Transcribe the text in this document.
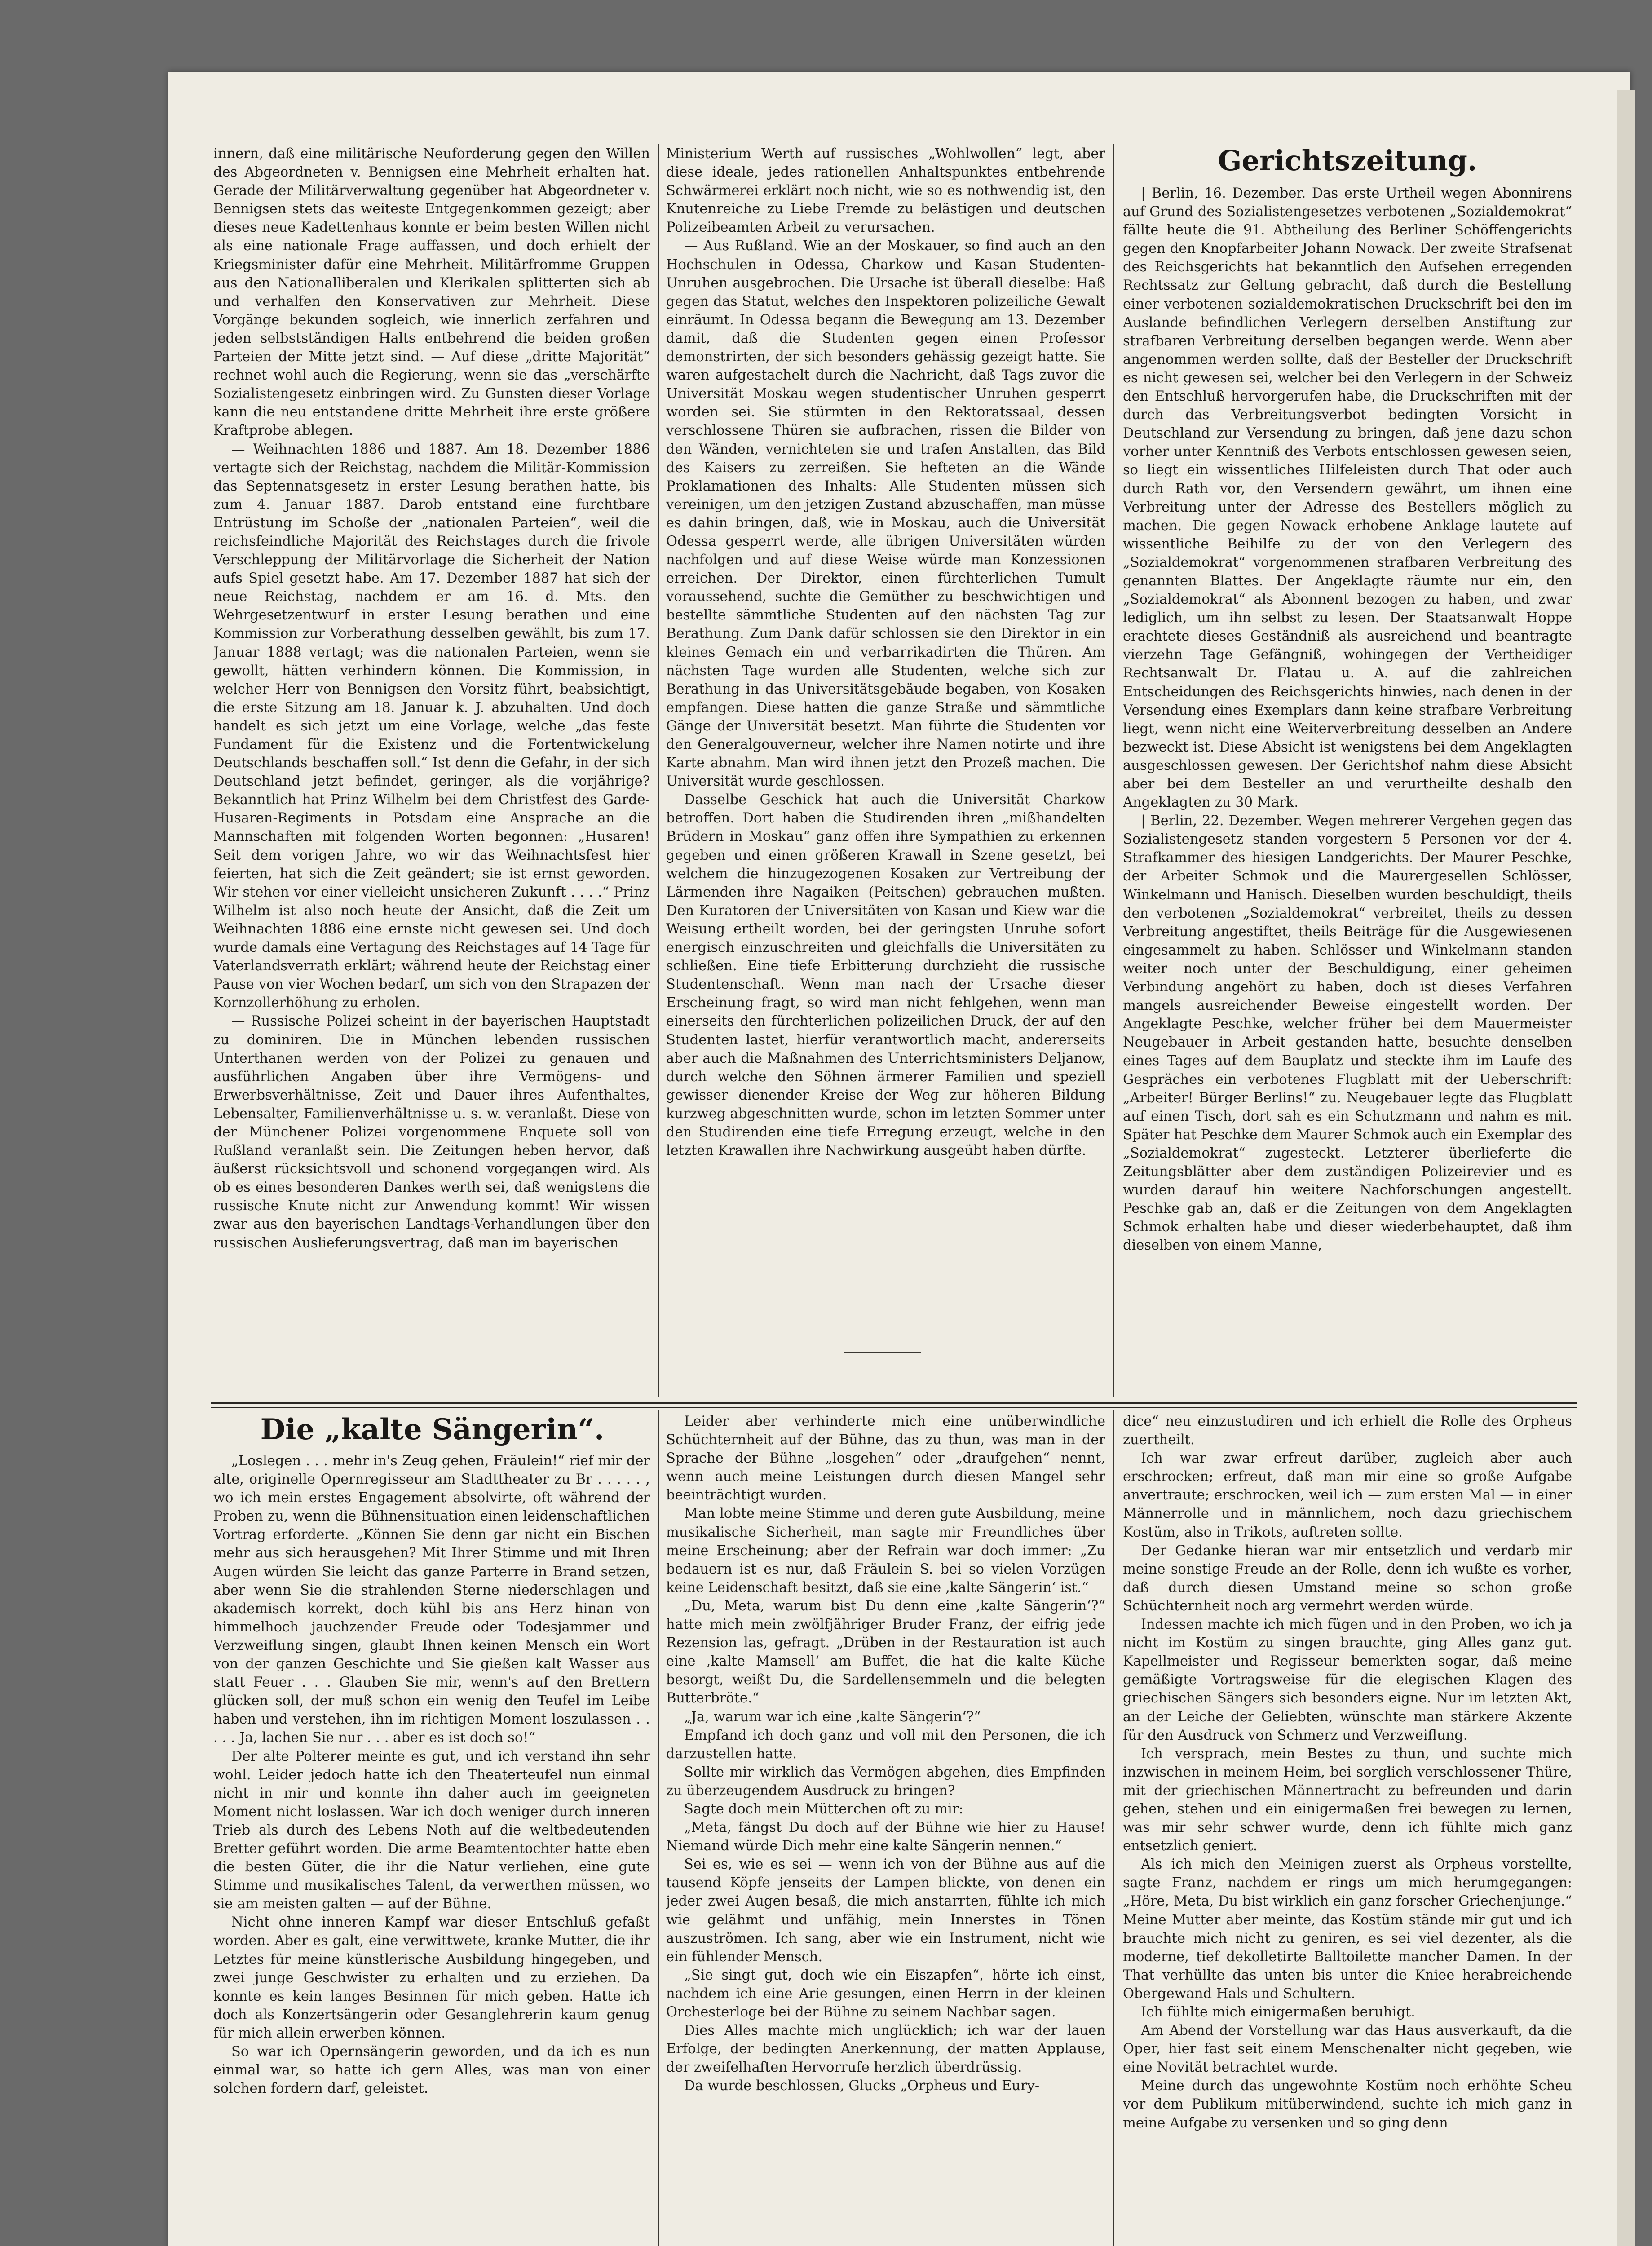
innern, daß eine militärische Neuforderung gegen den Willen des Abgeordneten v. Bennigsen eine Mehrheit erhalten hat. Gerade der Militärverwaltung gegenüber hat Abgeordneter v. Bennigsen stets das weiteste Entgegenkommen gezeigt; aber dieses neue Kadettenhaus konnte er beim besten Willen nicht als eine nationale Frage auffassen, und doch erhielt der Kriegsminister dafür eine Mehrheit. Militärfromme Gruppen aus den Nationalliberalen und Klerikalen splitterten sich ab und verhalfen den Konservativen zur Mehrheit. Diese Vorgänge bekunden sogleich, wie innerlich zerfahren und jeden selbstständigen Halts entbehrend die beiden großen Parteien der Mitte jetzt sind. — Auf diese „dritte Majorität“ rechnet wohl auch die Regierung, wenn sie das „verschärfte Sozialistengesetz einbringen wird. Zu Gunsten dieser Vorlage kann die neu entstandene dritte Mehrheit ihre erste größere Kraftprobe ablegen.

— Weihnachten 1886 und 1887. Am 18. Dezember 1886 vertagte sich der Reichstag, nachdem die Militär-Kommission das Septennatsgesetz in erster Lesung berathen hatte, bis zum 4. Januar 1887. Darob entstand eine furchtbare Entrüstung im Schoße der „nationalen Parteien“, weil die reichsfeindliche Majorität des Reichstages durch die frivole Verschleppung der Militärvorlage die Sicherheit der Nation aufs Spiel gesetzt habe. Am 17. Dezember 1887 hat sich der neue Reichstag, nachdem er am 16. d. Mts. den Wehrgesetzentwurf in erster Lesung berathen und eine Kommission zur Vorberathung desselben gewählt, bis zum 17. Januar 1888 vertagt; was die nationalen Parteien, wenn sie gewollt, hätten verhindern können. Die Kommission, in welcher Herr von Bennigsen den Vorsitz führt, beabsichtigt, die erste Sitzung am 18. Januar k. J. abzuhalten. Und doch handelt es sich jetzt um eine Vorlage, welche „das feste Fundament für die Existenz und die Fortentwickelung Deutschlands beschaffen soll.“ Ist denn die Gefahr, in der sich Deutschland jetzt befindet, geringer, als die vorjährige? Bekanntlich hat Prinz Wilhelm bei dem Christfest des Garde-Husaren-Regiments in Potsdam eine Ansprache an die Mannschaften mit folgenden Worten begonnen: „Husaren! Seit dem vorigen Jahre, wo wir das Weihnachtsfest hier feierten, hat sich die Zeit geändert; sie ist ernst geworden. Wir stehen vor einer vielleicht unsicheren Zukunft . . . .“ Prinz Wilhelm ist also noch heute der Ansicht, daß die Zeit um Weihnachten 1886 eine ernste nicht gewesen sei. Und doch wurde damals eine Vertagung des Reichstages auf 14 Tage für Vaterlandsverrath erklärt; während heute der Reichstag einer Pause von vier Wochen bedarf, um sich von den Strapazen der Kornzollerhöhung zu erholen.

— Russische Polizei scheint in der bayerischen Hauptstadt zu dominiren. Die in München lebenden russischen Unterthanen werden von der Polizei zu genauen und ausführlichen Angaben über ihre Vermögens- und Erwerbsverhältnisse, Zeit und Dauer ihres Aufenthaltes, Lebensalter, Familienverhältnisse u. s. w. veranlaßt. Diese von der Münchener Polizei vorgenommene Enquete soll von Rußland veranlaßt sein. Die Zeitungen heben hervor, daß äußerst rücksichtsvoll und schonend vorgegangen wird. Als ob es eines besonderen Dankes werth sei, daß wenigstens die russische Knute nicht zur Anwendung kommt! Wir wissen zwar aus den bayerischen Landtags-Verhandlungen über den russischen Auslieferungsvertrag, daß man im bayerischen

Ministerium Werth auf russisches „Wohlwollen“ legt, aber diese ideale, jedes rationellen Anhaltspunktes entbehrende Schwärmerei erklärt noch nicht, wie so es nothwendig ist, den Knutenreiche zu Liebe Fremde zu belästigen und deutschen Polizeibeamten Arbeit zu verursachen.

— Aus Rußland. Wie an der Moskauer, so find auch an den Hochschulen in Odessa, Charkow und Kasan Studenten-Unruhen ausgebrochen. Die Ursache ist überall dieselbe: Haß gegen das Statut, welches den Inspektoren polizeiliche Gewalt einräumt. In Odessa begann die Bewegung am 13. Dezember damit, daß die Studenten gegen einen Professor demonstrirten, der sich besonders gehässig gezeigt hatte. Sie waren aufgestachelt durch die Nachricht, daß Tags zuvor die Universität Moskau wegen studentischer Unruhen gesperrt worden sei. Sie stürmten in den Rektoratssaal, dessen verschlossene Thüren sie aufbrachen, rissen die Bilder von den Wänden, vernichteten sie und trafen Anstalten, das Bild des Kaisers zu zerreißen. Sie hefteten an die Wände Proklamationen des Inhalts: Alle Studenten müssen sich vereinigen, um den jetzigen Zustand abzuschaffen, man müsse es dahin bringen, daß, wie in Moskau, auch die Universität Odessa gesperrt werde, alle übrigen Universitäten würden nachfolgen und auf diese Weise würde man Konzessionen erreichen. Der Direktor, einen fürchterlichen Tumult voraussehend, suchte die Gemüther zu beschwichtigen und bestellte sämmtliche Studenten auf den nächsten Tag zur Berathung. Zum Dank dafür schlossen sie den Direktor in ein kleines Gemach ein und verbarrikadirten die Thüren. Am nächsten Tage wurden alle Studenten, welche sich zur Berathung in das Universitätsgebäude begaben, von Kosaken empfangen. Diese hatten die ganze Straße und sämmtliche Gänge der Universität besetzt. Man führte die Studenten vor den Generalgouverneur, welcher ihre Namen notirte und ihre Karte abnahm. Man wird ihnen jetzt den Prozeß machen. Die Universität wurde geschlossen.

Dasselbe Geschick hat auch die Universität Charkow betroffen. Dort haben die Studirenden ihren „mißhandelten Brüdern in Moskau“ ganz offen ihre Sympathien zu erkennen gegeben und einen größeren Krawall in Szene gesetzt, bei welchem die hinzugezogenen Kosaken zur Vertreibung der Lärmenden ihre Nagaiken (Peitschen) gebrauchen mußten. Den Kuratoren der Universitäten von Kasan und Kiew war die Weisung ertheilt worden, bei der geringsten Unruhe sofort energisch einzuschreiten und gleichfalls die Universitäten zu schließen. Eine tiefe Erbitterung durchzieht die russische Studentenschaft. Wenn man nach der Ursache dieser Erscheinung fragt, so wird man nicht fehlgehen, wenn man einerseits den fürchterlichen polizeilichen Druck, der auf den Studenten lastet, hierfür verantwortlich macht, andererseits aber auch die Maßnahmen des Unterrichtsministers Deljanow, durch welche den Söhnen ärmerer Familien und speziell gewisser dienender Kreise der Weg zur höheren Bildung kurzweg abgeschnitten wurde, schon im letzten Sommer unter den Studirenden eine tiefe Erregung erzeugt, welche in den letzten Krawallen ihre Nachwirkung ausgeübt haben dürfte.

Gerichtszeitung.

| Berlin, 16. Dezember. Das erste Urtheil wegen Abonnirens auf Grund des Sozialistengesetzes verbotenen „Sozialdemokrat“ fällte heute die 91. Abtheilung des Berliner Schöffengerichts gegen den Knopfarbeiter Johann Nowack. Der zweite Strafsenat des Reichsgerichts hat bekanntlich den Aufsehen erregenden Rechtssatz zur Geltung gebracht, daß durch die Bestellung einer verbotenen sozialdemokratischen Druckschrift bei den im Auslande befindlichen Verlegern derselben Anstiftung zur strafbaren Verbreitung derselben begangen werde. Wenn aber angenommen werden sollte, daß der Besteller der Druckschrift es nicht gewesen sei, welcher bei den Verlegern in der Schweiz den Entschluß hervorgerufen habe, die Druckschriften mit der durch das Verbreitungsverbot bedingten Vorsicht in Deutschland zur Versendung zu bringen, daß jene dazu schon vorher unter Kenntniß des Verbots entschlossen gewesen seien, so liegt ein wissentliches Hilfeleisten durch That oder auch durch Rath vor, den Versendern gewährt, um ihnen eine Verbreitung unter der Adresse des Bestellers möglich zu machen. Die gegen Nowack erhobene Anklage lautete auf wissentliche Beihilfe zu der von den Verlegern des „Sozialdemokrat“ vorgenommenen strafbaren Verbreitung des genannten Blattes. Der Angeklagte räumte nur ein, den „Sozialdemokrat“ als Abonnent bezogen zu haben, und zwar lediglich, um ihn selbst zu lesen. Der Staatsanwalt Hoppe erachtete dieses Geständniß als ausreichend und beantragte vierzehn Tage Gefängniß, wohingegen der Vertheidiger Rechtsanwalt Dr. Flatau u. A. auf die zahlreichen Entscheidungen des Reichsgerichts hinwies, nach denen in der Versendung eines Exemplars dann keine strafbare Verbreitung liegt, wenn nicht eine Weiterverbreitung desselben an Andere bezweckt ist. Diese Absicht ist wenigstens bei dem Angeklagten ausgeschlossen gewesen. Der Gerichtshof nahm diese Absicht aber bei dem Besteller an und verurtheilte deshalb den Angeklagten zu 30 Mark.

| Berlin, 22. Dezember. Wegen mehrerer Vergehen gegen das Sozialistengesetz standen vorgestern 5 Personen vor der 4. Strafkammer des hiesigen Landgerichts. Der Maurer Peschke, der Arbeiter Schmok und die Maurergesellen Schlösser, Winkelmann und Hanisch. Dieselben wurden beschuldigt, theils den verbotenen „Sozialdemokrat“ verbreitet, theils zu dessen Verbreitung angestiftet, theils Beiträge für die Ausgewiesenen eingesammelt zu haben. Schlösser und Winkelmann standen weiter noch unter der Beschuldigung, einer geheimen Verbindung angehört zu haben, doch ist dieses Verfahren mangels ausreichender Beweise eingestellt worden. Der Angeklagte Peschke, welcher früher bei dem Mauermeister Neugebauer in Arbeit gestanden hatte, besuchte denselben eines Tages auf dem Bauplatz und steckte ihm im Laufe des Gespräches ein verbotenes Flugblatt mit der Ueberschrift: „Arbeiter! Bürger Berlins!“ zu. Neugebauer legte das Flugblatt auf einen Tisch, dort sah es ein Schutzmann und nahm es mit. Später hat Peschke dem Maurer Schmok auch ein Exemplar des „Sozialdemokrat“ zugesteckt. Letzterer überlieferte die Zeitungsblätter aber dem zuständigen Polizeirevier und es wurden darauf hin weitere Nachforschungen angestellt. Peschke gab an, daß er die Zeitungen von dem Angeklagten Schmok erhalten habe und dieser wiederbehauptet, daß ihm dieselben von einem Manne,

Die „kalte Sängerin“.

„Loslegen . . . mehr in's Zeug gehen, Fräulein!“ rief mir der alte, originelle Opernregisseur am Stadttheater zu Br . . . . . , wo ich mein erstes Engagement absolvirte, oft während der Proben zu, wenn die Bühnensituation einen leidenschaftlichen Vortrag erforderte. „Können Sie denn gar nicht ein Bischen mehr aus sich herausgehen? Mit Ihrer Stimme und mit Ihren Augen würden Sie leicht das ganze Parterre in Brand setzen, aber wenn Sie die strahlenden Sterne niederschlagen und akademisch korrekt, doch kühl bis ans Herz hinan von himmelhoch jauchzender Freude oder Todesjammer und Verzweiflung singen, glaubt Ihnen keinen Mensch ein Wort von der ganzen Geschichte und Sie gießen kalt Wasser aus statt Feuer . . . Glauben Sie mir, wenn's auf den Brettern glücken soll, der muß schon ein wenig den Teufel im Leibe haben und verstehen, ihn im richtigen Moment loszulassen . . . . . Ja, lachen Sie nur . . . aber es ist doch so!“

Der alte Polterer meinte es gut, und ich verstand ihn sehr wohl. Leider jedoch hatte ich den Theaterteufel nun einmal nicht in mir und konnte ihn daher auch im geeigneten Moment nicht loslassen. War ich doch weniger durch inneren Trieb als durch des Lebens Noth auf die weltbedeutenden Bretter geführt worden. Die arme Beamtentochter hatte eben die besten Güter, die ihr die Natur verliehen, eine gute Stimme und musikalisches Talent, da verwerthen müssen, wo sie am meisten galten — auf der Bühne.

Nicht ohne inneren Kampf war dieser Entschluß gefaßt worden. Aber es galt, eine verwittwete, kranke Mutter, die ihr Letztes für meine künstlerische Ausbildung hingegeben, und zwei junge Geschwister zu erhalten und zu erziehen. Da konnte es kein langes Besinnen für mich geben. Hatte ich doch als Konzertsängerin oder Gesanglehrerin kaum genug für mich allein erwerben können.

So war ich Opernsängerin geworden, und da ich es nun einmal war, so hatte ich gern Alles, was man von einer solchen fordern darf, geleistet.

Leider aber verhinderte mich eine unüberwindliche Schüchternheit auf der Bühne, das zu thun, was man in der Sprache der Bühne „losgehen“ oder „draufgehen“ nennt, wenn auch meine Leistungen durch diesen Mangel sehr beeinträchtigt wurden.

Man lobte meine Stimme und deren gute Ausbildung, meine musikalische Sicherheit, man sagte mir Freundliches über meine Erscheinung; aber der Refrain war doch immer: „Zu bedauern ist es nur, daß Fräulein S. bei so vielen Vorzügen keine Leidenschaft besitzt, daß sie eine ‚kalte Sängerin‘ ist.“

„Du, Meta, warum bist Du denn eine ‚kalte Sängerin‘?“ hatte mich mein zwölfjähriger Bruder Franz, der eifrig jede Rezension las, gefragt. „Drüben in der Restauration ist auch eine ‚kalte Mamsell‘ am Buffet, die hat die kalte Küche besorgt, weißt Du, die Sardellensemmeln und die belegten Butterbröte.“

„Ja, warum war ich eine ‚kalte Sängerin‘?“

Empfand ich doch ganz und voll mit den Personen, die ich darzustellen hatte.

Sollte mir wirklich das Vermögen abgehen, dies Empfinden zu überzeugendem Ausdruck zu bringen?

Sagte doch mein Mütterchen oft zu mir:

„Meta, fängst Du doch auf der Bühne wie hier zu Hause! Niemand würde Dich mehr eine kalte Sängerin nennen.“

Sei es, wie es sei — wenn ich von der Bühne aus auf die tausend Köpfe jenseits der Lampen blickte, von denen ein jeder zwei Augen besaß, die mich anstarrten, fühlte ich mich wie gelähmt und unfähig, mein Innerstes in Tönen auszuströmen. Ich sang, aber wie ein Instrument, nicht wie ein fühlender Mensch.

„Sie singt gut, doch wie ein Eiszapfen“, hörte ich einst, nachdem ich eine Arie gesungen, einen Herrn in der kleinen Orchesterloge bei der Bühne zu seinem Nachbar sagen.

Dies Alles machte mich unglücklich; ich war der lauen Erfolge, der bedingten Anerkennung, der matten Applause, der zweifelhaften Hervorrufe herzlich überdrüssig.

Da wurde beschlossen, Glucks „Orpheus und Eury-

dice“ neu einzustudiren und ich erhielt die Rolle des Orpheus zuertheilt.

Ich war zwar erfreut darüber, zugleich aber auch erschrocken; erfreut, daß man mir eine so große Aufgabe anvertraute; erschrocken, weil ich — zum ersten Mal — in einer Männerrolle und in männlichem, noch dazu griechischem Kostüm, also in Trikots, auftreten sollte.

Der Gedanke hieran war mir entsetzlich und verdarb mir meine sonstige Freude an der Rolle, denn ich wußte es vorher, daß durch diesen Umstand meine so schon große Schüchternheit noch arg vermehrt werden würde.

Indessen machte ich mich fügen und in den Proben, wo ich ja nicht im Kostüm zu singen brauchte, ging Alles ganz gut. Kapellmeister und Regisseur bemerkten sogar, daß meine gemäßigte Vortragsweise für die elegischen Klagen des griechischen Sängers sich besonders eigne. Nur im letzten Akt, an der Leiche der Geliebten, wünschte man stärkere Akzente für den Ausdruck von Schmerz und Verzweiflung.

Ich versprach, mein Bestes zu thun, und suchte mich inzwischen in meinem Heim, bei sorglich verschlossener Thüre, mit der griechischen Männertracht zu befreunden und darin gehen, stehen und ein einigermaßen frei bewegen zu lernen, was mir sehr schwer wurde, denn ich fühlte mich ganz entsetzlich geniert.

Als ich mich den Meinigen zuerst als Orpheus vorstellte, sagte Franz, nachdem er rings um mich herumgegangen: „Höre, Meta, Du bist wirklich ein ganz forscher Griechenjunge.“ Meine Mutter aber meinte, das Kostüm stände mir gut und ich brauchte mich nicht zu geniren, es sei viel dezenter, als die moderne, tief dekolletirte Balltoilette mancher Damen. In der That verhüllte das unten bis unter die Kniee herabreichende Obergewand Hals und Schultern.

Ich fühlte mich einigermaßen beruhigt.

Am Abend der Vorstellung war das Haus ausverkauft, da die Oper, hier fast seit einem Menschenalter nicht gegeben, wie eine Novität betrachtet wurde.

Meine durch das ungewohnte Kostüm noch erhöhte Scheu vor dem Publikum mitüberwindend, suchte ich mich ganz in meine Aufgabe zu versenken und so ging denn
